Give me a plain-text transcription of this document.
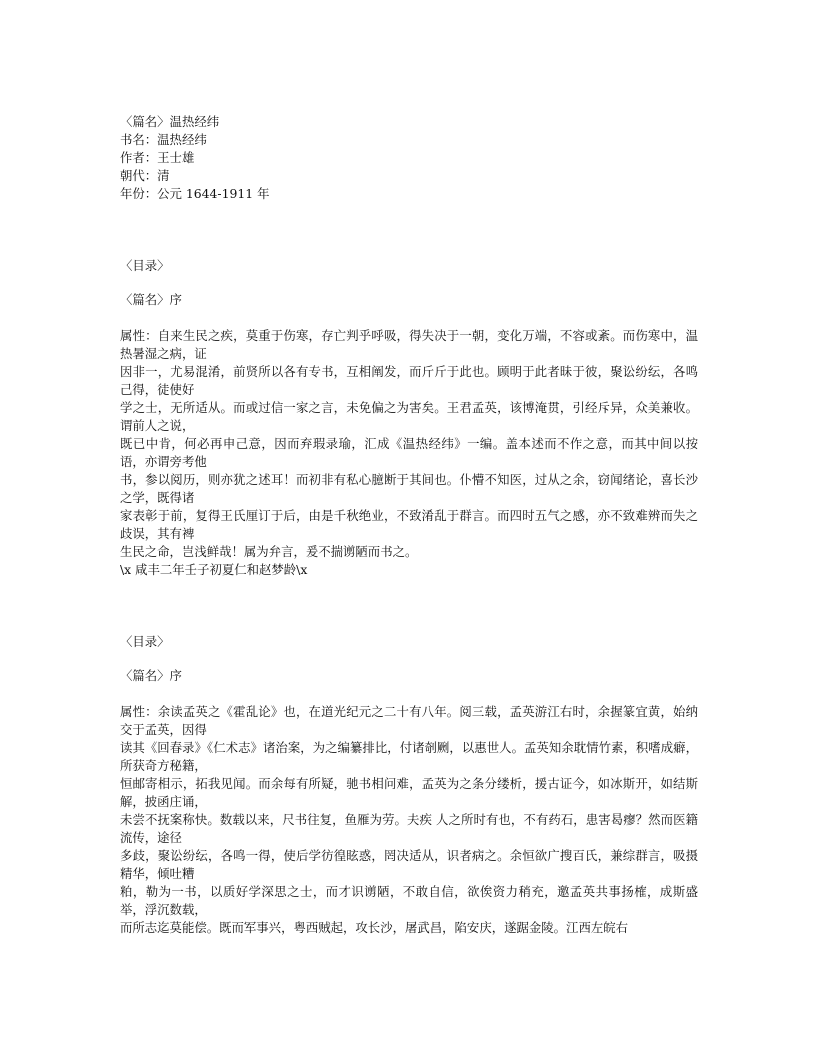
〈篇名〉温热经纬
书名：温热经纬
作者：王士雄
朝代：清
年份：公元 1644-1911 年
〈目录〉
〈篇名〉序
属性：自来生民之疾，莫重于伤寒，存亡判乎呼吸，得失决于一朝，变化万端，不容或紊。而伤寒中，温热暑湿之病，证
因非一，尤易混淆，前贤所以各有专书，互相阐发，而斤斤于此也。顾明于此者昧于彼，聚讼纷纭，各鸣己得，徒使好
学之士，无所适从。而或过信一家之言，未免偏之为害矣。王君孟英，该博淹贯，引经斥异，众美兼收。谓前人之说，
既已中肯，何必再申己意，因而弃瑕录瑜，汇成《温热经纬》一编。盖本述而不作之意，而其中间以按语，亦谓旁考他
书，参以阅历，则亦犹之述耳！而初非有私心臆断于其间也。仆懵不知医，过从之余，窃闻绪论，喜长沙之学，既得诸
家表彰于前，复得王氏厘订于后，由是千秋绝业，不致淆乱于群言。而四时五气之感，亦不致难辨而失之歧误，其有裨
生民之命，岂浅鲜哉！属为弁言，爰不揣谫陋而书之。
\x 咸丰二年壬子初夏仁和赵梦龄\x
〈目录〉
〈篇名〉序
属性：余读孟英之《霍乱论》也，在道光纪元之二十有八年。阅三载，孟英游江右时，余握篆宜黄，始纳交于孟英，因得
读其《回春录》《仁术志》诸治案，为之编纂排比，付诸剞劂，以惠世人。孟英知余耽情竹素，积嗜成癖，所获奇方秘籍，
恒邮寄相示，拓我见闻。而余每有所疑，驰书相问难，孟英为之条分缕析，援古证今，如冰斯开，如结斯解，披函庄诵，
未尝不抚案称快。数载以来，尺书往复，鱼雁为劳。夫疾 人之所时有也，不有药石，患害曷瘳？然而医籍流传，途径
多歧，聚讼纷纭，各鸣一得，使后学彷徨眩惑，罔决适从，识者病之。余恒欲广搜百氏，兼综群言，吸摄精华，倾吐糟
粕，勒为一书，以质好学深思之士，而才识谫陋，不敢自信，欲俟资力稍充，邀孟英共事扬榷，成斯盛举，浮沉数载，
而所志迄莫能偿。既而军事兴，粤西贼起，攻长沙，屠武昌，陷安庆，遂踞金陵。江西左皖右
